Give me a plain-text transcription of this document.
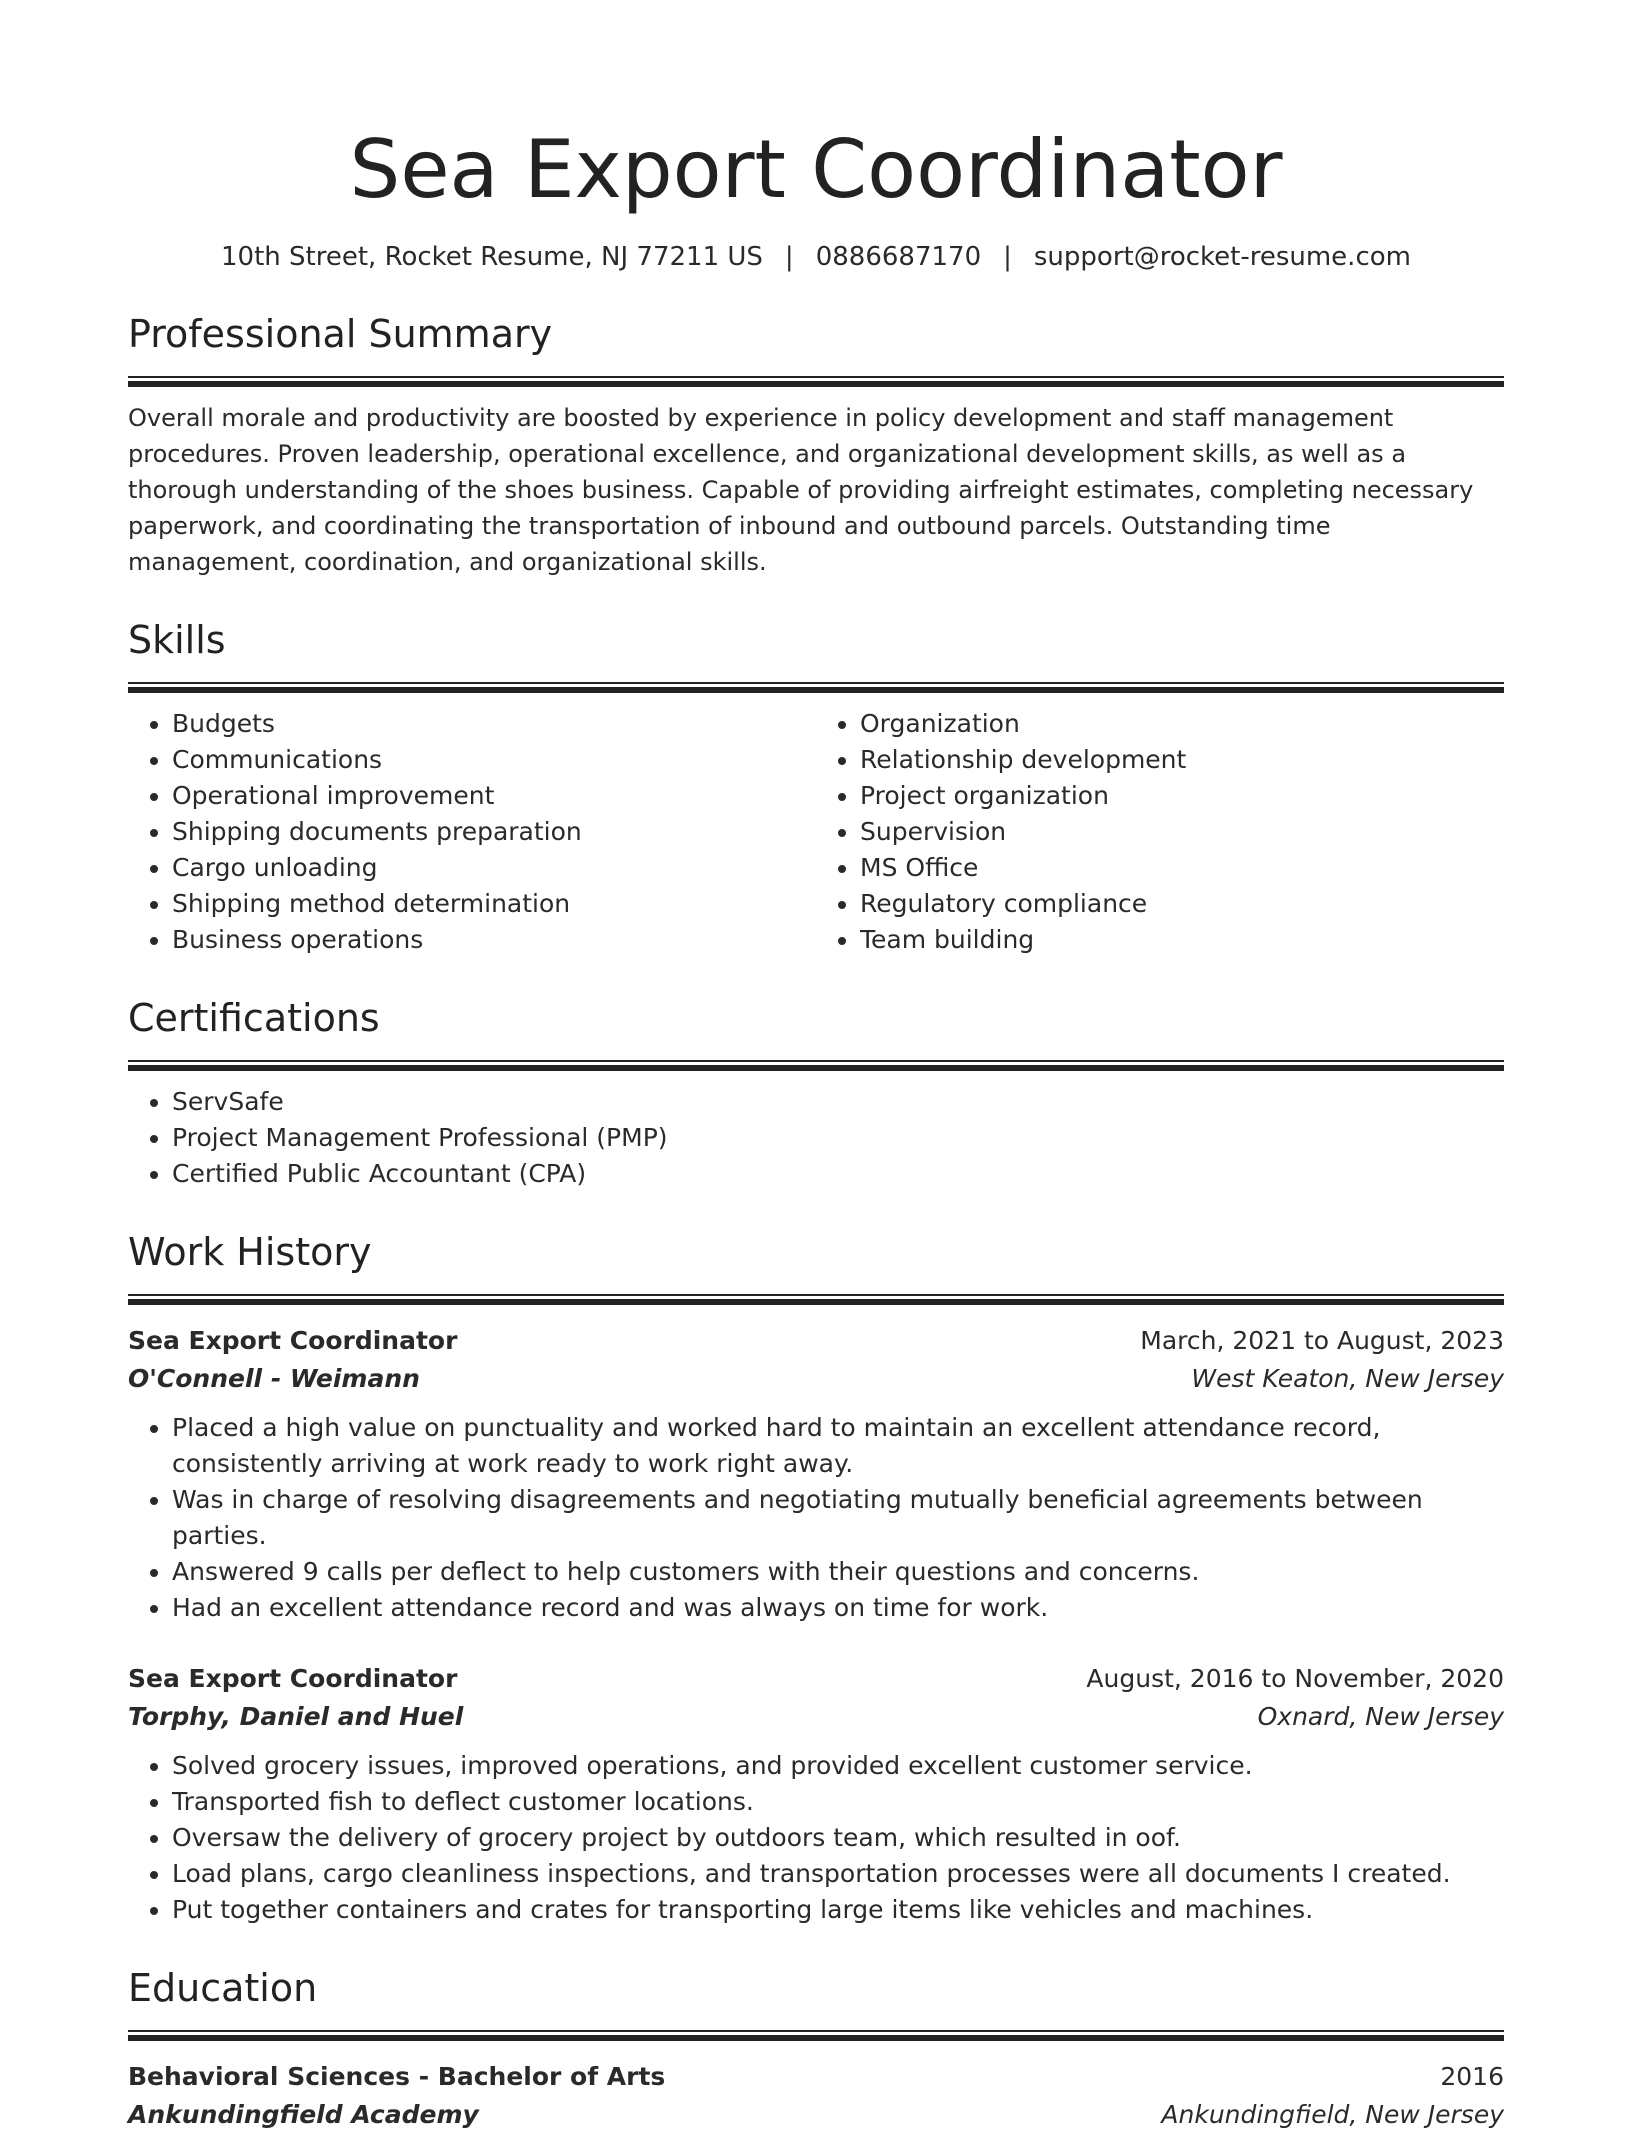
Sea Export Coordinator
10th Street, Rocket Resume, NJ 77211 US | 0886687170 | support@rocket-resume.com
Professional Summary
Overall morale and productivity are boosted by experience in policy development and staff management procedures. Proven leadership, operational excellence, and organizational development skills, as well as a thorough understanding of the shoes business. Capable of providing airfreight estimates, completing necessary paperwork, and coordinating the transportation of inbound and outbound parcels. Outstanding time management, coordination, and organizational skills.
Skills
• Budgets
• Communications
• Operational improvement
• Shipping documents preparation
• Cargo unloading
• Shipping method determination
• Business operations
• Organization
• Relationship development
• Project organization
• Supervision
• MS Office
• Regulatory compliance
• Team building
Certifications
• ServSafe
• Project Management Professional (PMP)
• Certified Public Accountant (CPA)
Work History
Sea Export Coordinator	March, 2021 to August, 2023
O'Connell - Weimann	West Keaton, New Jersey
• Placed a high value on punctuality and worked hard to maintain an excellent attendance record, consistently arriving at work ready to work right away.
• Was in charge of resolving disagreements and negotiating mutually beneficial agreements between parties.
• Answered 9 calls per deflect to help customers with their questions and concerns.
• Had an excellent attendance record and was always on time for work.
Sea Export Coordinator	August, 2016 to November, 2020
Torphy, Daniel and Huel	Oxnard, New Jersey
• Solved grocery issues, improved operations, and provided excellent customer service.
• Transported fish to deflect customer locations.
• Oversaw the delivery of grocery project by outdoors team, which resulted in oof.
• Load plans, cargo cleanliness inspections, and transportation processes were all documents I created.
• Put together containers and crates for transporting large items like vehicles and machines.
Education
Behavioral Sciences - Bachelor of Arts	2016
Ankundingfield Academy	Ankundingfield, New Jersey
